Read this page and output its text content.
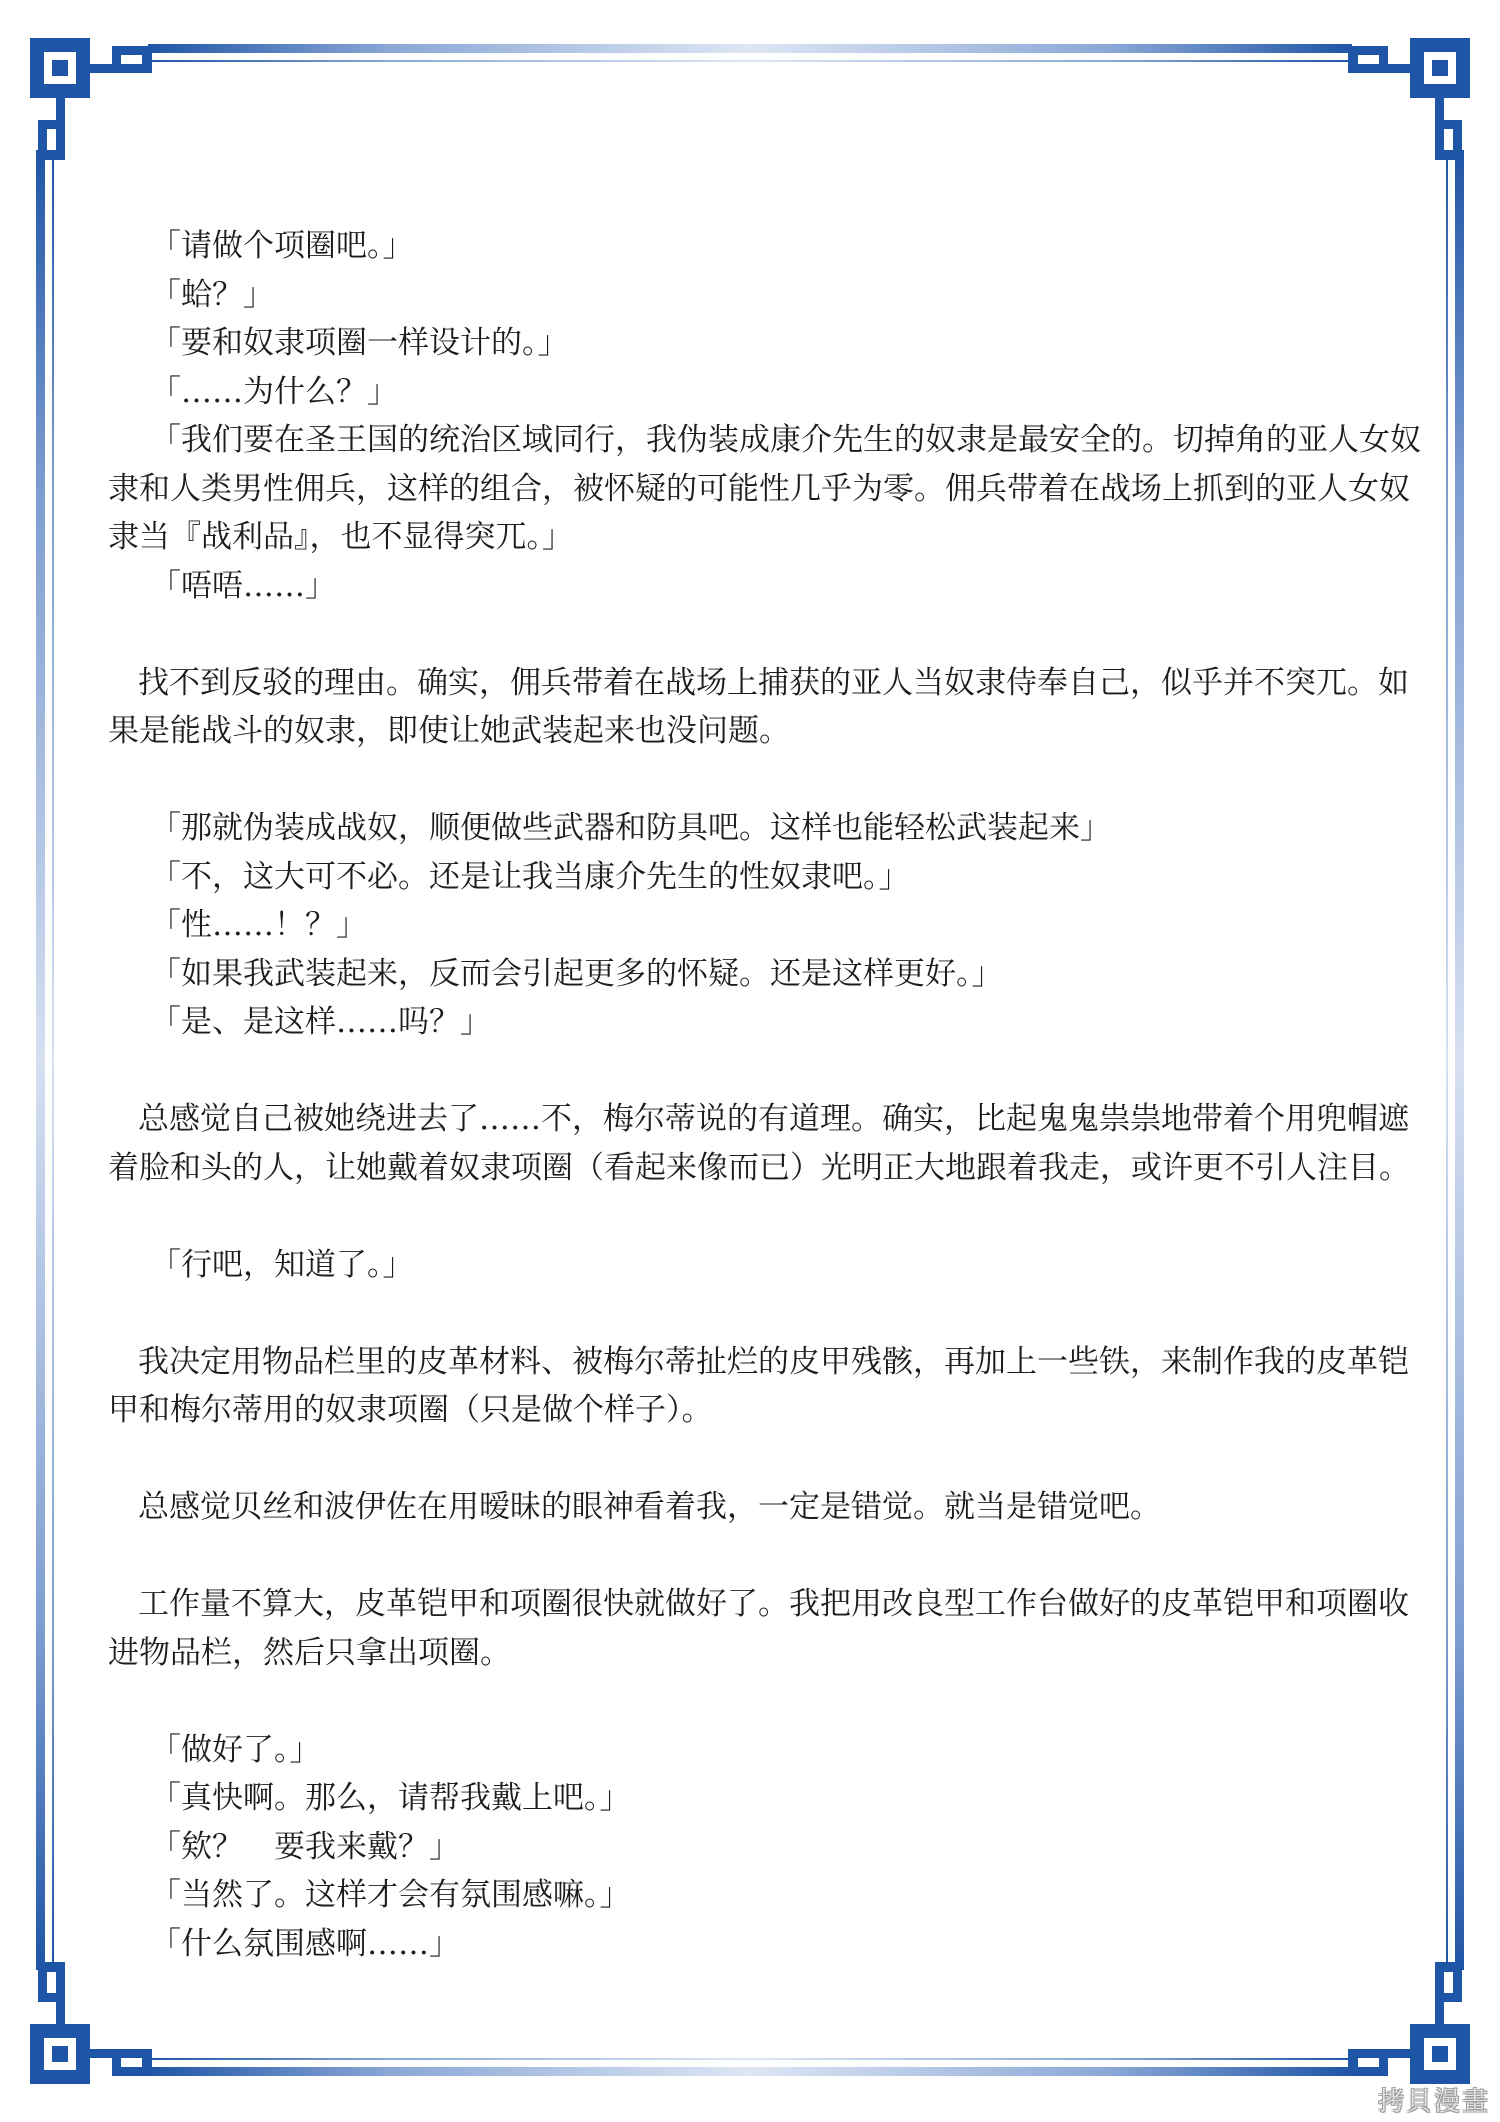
「请做个项圈吧。」
「蛤？」
「要和奴隶项圈一样设计的。」
「……为什么？」
「我们要在圣王国的统治区域同行，我伪装成康介先生的奴隶是最安全的。切掉角的亚人女奴
隶和人类男性佣兵，这样的组合，被怀疑的可能性几乎为零。佣兵带着在战场上抓到的亚人女奴
隶当『战利品』，也不显得突兀。」
「唔唔……」
找不到反驳的理由。确实，佣兵带着在战场上捕获的亚人当奴隶侍奉自己，似乎并不突兀。如
果是能战斗的奴隶，即使让她武装起来也没问题。
「那就伪装成战奴，顺便做些武器和防具吧。这样也能轻松武装起来」
「不，这大可不必。还是让我当康介先生的性奴隶吧。」
「性……！？」
「如果我武装起来，反而会引起更多的怀疑。还是这样更好。」
「是、是这样……吗？」
总感觉自己被她绕进去了……不，梅尔蒂说的有道理。确实，比起鬼鬼祟祟地带着个用兜帽遮
着脸和头的人，让她戴着奴隶项圈（看起来像而已）光明正大地跟着我走，或许更不引人注目。
「行吧，知道了。」
我决定用物品栏里的皮革材料、被梅尔蒂扯烂的皮甲残骸，再加上一些铁，来制作我的皮革铠
甲和梅尔蒂用的奴隶项圈（只是做个样子）。
总感觉贝丝和波伊佐在用暧昧的眼神看着我，一定是错觉。就当是错觉吧。
工作量不算大，皮革铠甲和项圈很快就做好了。我把用改良型工作台做好的皮革铠甲和项圈收
进物品栏，然后只拿出项圈。
「做好了。」
「真快啊。那么，请帮我戴上吧。」
「欸？　要我来戴？」
「当然了。这样才会有氛围感嘛。」
「什么氛围感啊……」
拷貝漫畫
